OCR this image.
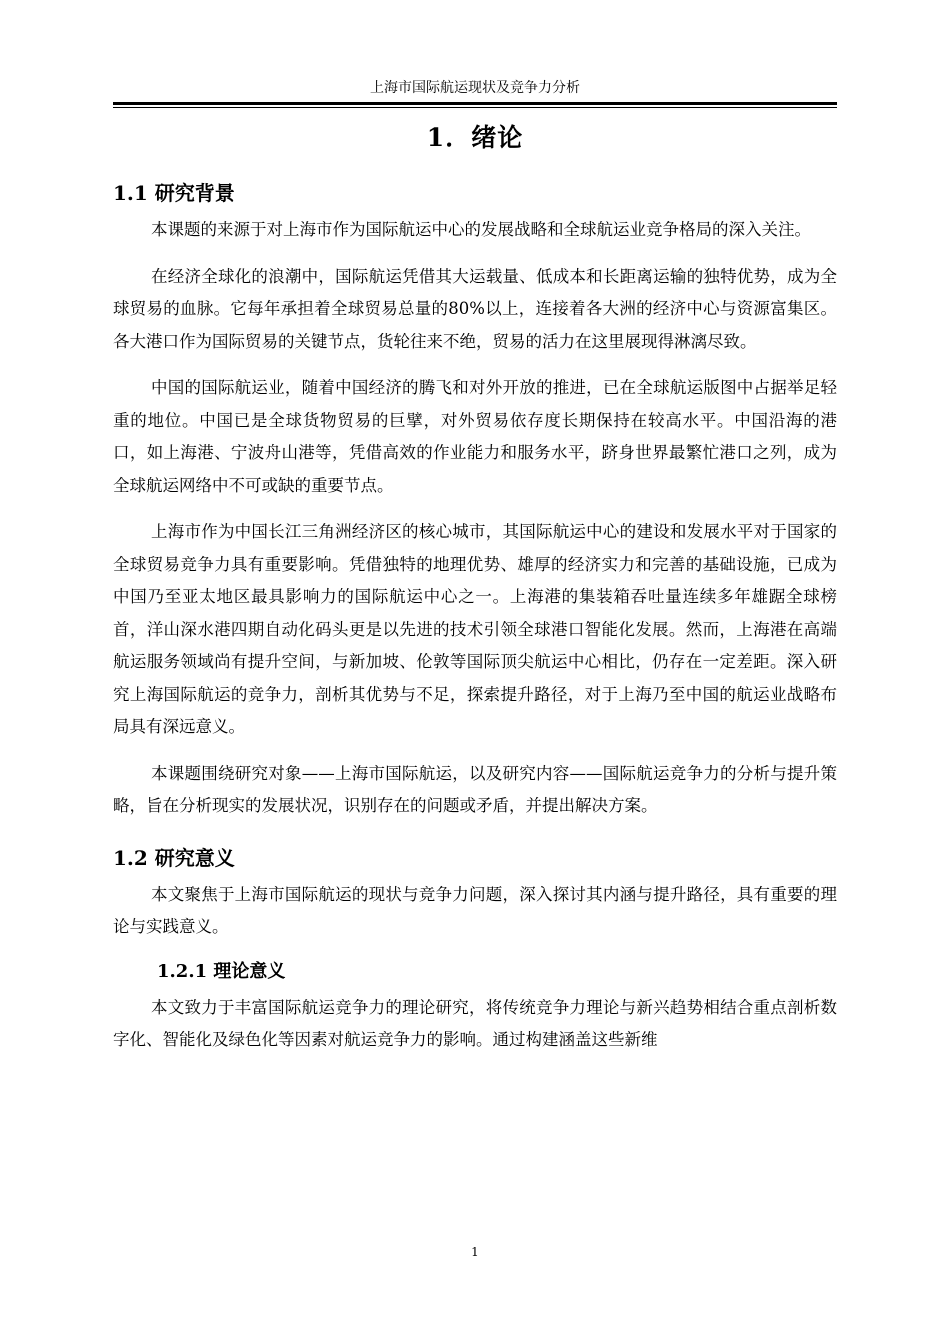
上海市国际航运现状及竞争力分析
1．绪论
1.1 研究背景

本课题的来源于对上海市作为国际航运中心的发展战略和全球航运业竞争格局的深入关注。

在经济全球化的浪潮中，国际航运凭借其大运载量、低成本和长距离运输的独特优势，成为全球贸易的血脉。它每年承担着全球贸易总量的80%以上，连接着各大洲的经济中心与资源富集区。各大港口作为国际贸易的关键节点，货轮往来不绝，贸易的活力在这里展现得淋漓尽致。

中国的国际航运业，随着中国经济的腾飞和对外开放的推进，已在全球航运版图中占据举足轻重的地位。中国已是全球货物贸易的巨擘，对外贸易依存度长期保持在较高水平。中国沿海的港口，如上海港、宁波舟山港等，凭借高效的作业能力和服务水平，跻身世界最繁忙港口之列，成为全球航运网络中不可或缺的重要节点。

上海市作为中国长江三角洲经济区的核心城市，其国际航运中心的建设和发展水平对于国家的全球贸易竞争力具有重要影响。凭借独特的地理优势、雄厚的经济实力和完善的基础设施，已成为中国乃至亚太地区最具影响力的国际航运中心之一。上海港的集装箱吞吐量连续多年雄踞全球榜首，洋山深水港四期自动化码头更是以先进的技术引领全球港口智能化发展。然而，上海港在高端航运服务领域尚有提升空间，与新加坡、伦敦等国际顶尖航运中心相比，仍存在一定差距。深入研究上海国际航运的竞争力，剖析其优势与不足，探索提升路径，对于上海乃至中国的航运业战略布局具有深远意义。

本课题围绕研究对象——上海市国际航运，以及研究内容——国际航运竞争力的分析与提升策略，旨在分析现实的发展状况，识别存在的问题或矛盾，并提出解决方案。

1.2 研究意义

本文聚焦于上海市国际航运的现状与竞争力问题，深入探讨其内涵与提升路径，具有重要的理论与实践意义。

1.2.1 理论意义

本文致力于丰富国际航运竞争力的理论研究，将传统竞争力理论与新兴趋势相结合重点剖析数字化、智能化及绿色化等因素对航运竞争力的影响。通过构建涵盖这些新维

1
